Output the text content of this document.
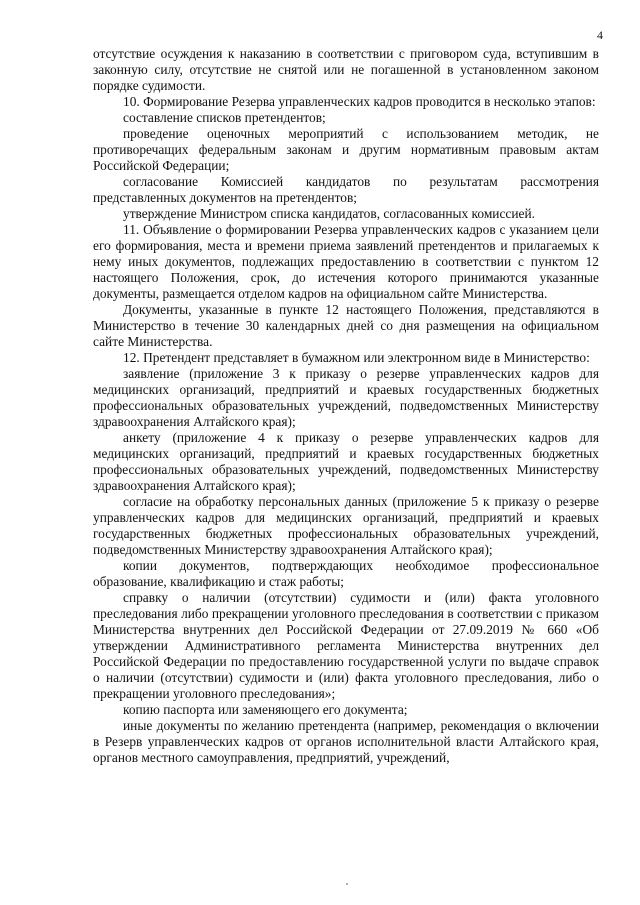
4

отсутствие осуждения к наказанию в соответствии с приговором суда, вступившим в законную силу, отсутствие не снятой или не погашенной в установленном законом порядке судимости.

10. Формирование Резерва управленческих кадров проводится в несколько этапов:

составление списков претендентов;

проведение оценочных мероприятий с использованием методик, не противоречащих федеральным законам и другим нормативным правовым актам Российской Федерации;

согласование Комиссией кандидатов по результатам рассмотрения представленных документов на претендентов;

утверждение Министром списка кандидатов, согласованных комиссией.

11. Объявление о формировании Резерва управленческих кадров с указанием цели его формирования, места и времени приема заявлений претендентов и прилагаемых к нему иных документов, подлежащих предоставлению в соответствии с пунктом 12 настоящего Положения, срок, до истечения которого принимаются указанные документы, размещается отделом кадров на официальном сайте Министерства.

Документы, указанные в пункте 12 настоящего Положения, представляются в Министерство в течение 30 календарных дней со дня размещения на официальном сайте Министерства.

12. Претендент представляет в бумажном или электронном виде в Министерство:

заявление (приложение 3 к приказу о резерве управленческих кадров для медицинских организаций, предприятий и краевых государственных бюджетных профессиональных образовательных учреждений, подведомственных Министерству здравоохранения Алтайского края);

анкету (приложение 4 к приказу о резерве управленческих кадров для медицинских организаций, предприятий и краевых государственных бюджетных профессиональных образовательных учреждений, подведомственных Министерству здравоохранения Алтайского края);

согласие на обработку персональных данных (приложение 5 к приказу о резерве управленческих кадров для медицинских организаций, предприятий и краевых государственных бюджетных профессиональных образовательных учреждений, подведомственных Министерству здравоохранения Алтайского края);

копии документов, подтверждающих необходимое профессиональное образование, квалификацию и стаж работы;

справку о наличии (отсутствии) судимости и (или) факта уголовного преследования либо прекращении уголовного преследования в соответствии с приказом Министерства внутренних дел Российской Федерации от 27.09.2019 № 660 «Об утверждении Административного регламента Министерства внутренних дел Российской Федерации по предоставлению государственной услуги по выдаче справок о наличии (отсутствии) судимости и (или) факта уголовного преследования, либо о прекращении уголовного преследования»;

копию паспорта или заменяющего его документа;

иные документы по желанию претендента (например, рекомендация о включении в Резерв управленческих кадров от органов исполнительной власти Алтайского края, органов местного самоуправления, предприятий, учреждений,
